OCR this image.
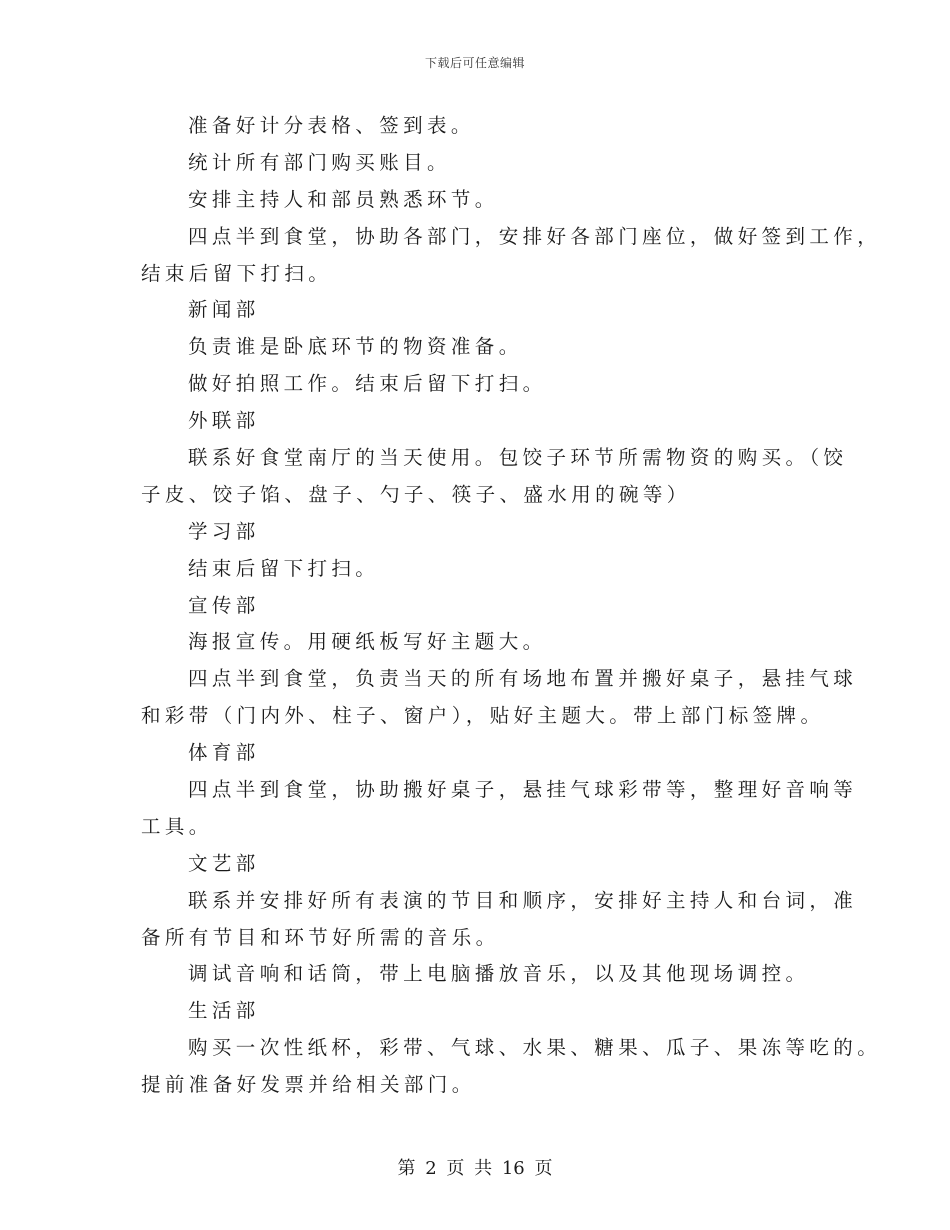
下载后可任意编辑
准备好计分表格、签到表。
统计所有部门购买账目。
安排主持人和部员熟悉环节。
四点半到食堂，协助各部门，安排好各部门座位，做好签到工作，
结束后留下打扫。
新闻部
负责谁是卧底环节的物资准备。
做好拍照工作。结束后留下打扫。
外联部
联系好食堂南厅的当天使用。包饺子环节所需物资的购买。（饺
子皮、饺子馅、盘子、勺子、筷子、盛水用的碗等）
学习部
结束后留下打扫。
宣传部
海报宣传。用硬纸板写好主题大。
四点半到食堂，负责当天的所有场地布置并搬好桌子，悬挂气球
和彩带（门内外、柱子、窗户），贴好主题大。带上部门标签牌。
体育部
四点半到食堂，协助搬好桌子，悬挂气球彩带等，整理好音响等
工具。
文艺部
联系并安排好所有表演的节目和顺序，安排好主持人和台词，准
备所有节目和环节好所需的音乐。
调试音响和话筒，带上电脑播放音乐，以及其他现场调控。
生活部
购买一次性纸杯，彩带、气球、水果、糖果、瓜子、果冻等吃的。
提前准备好发票并给相关部门。
第 2 页 共 16 页
